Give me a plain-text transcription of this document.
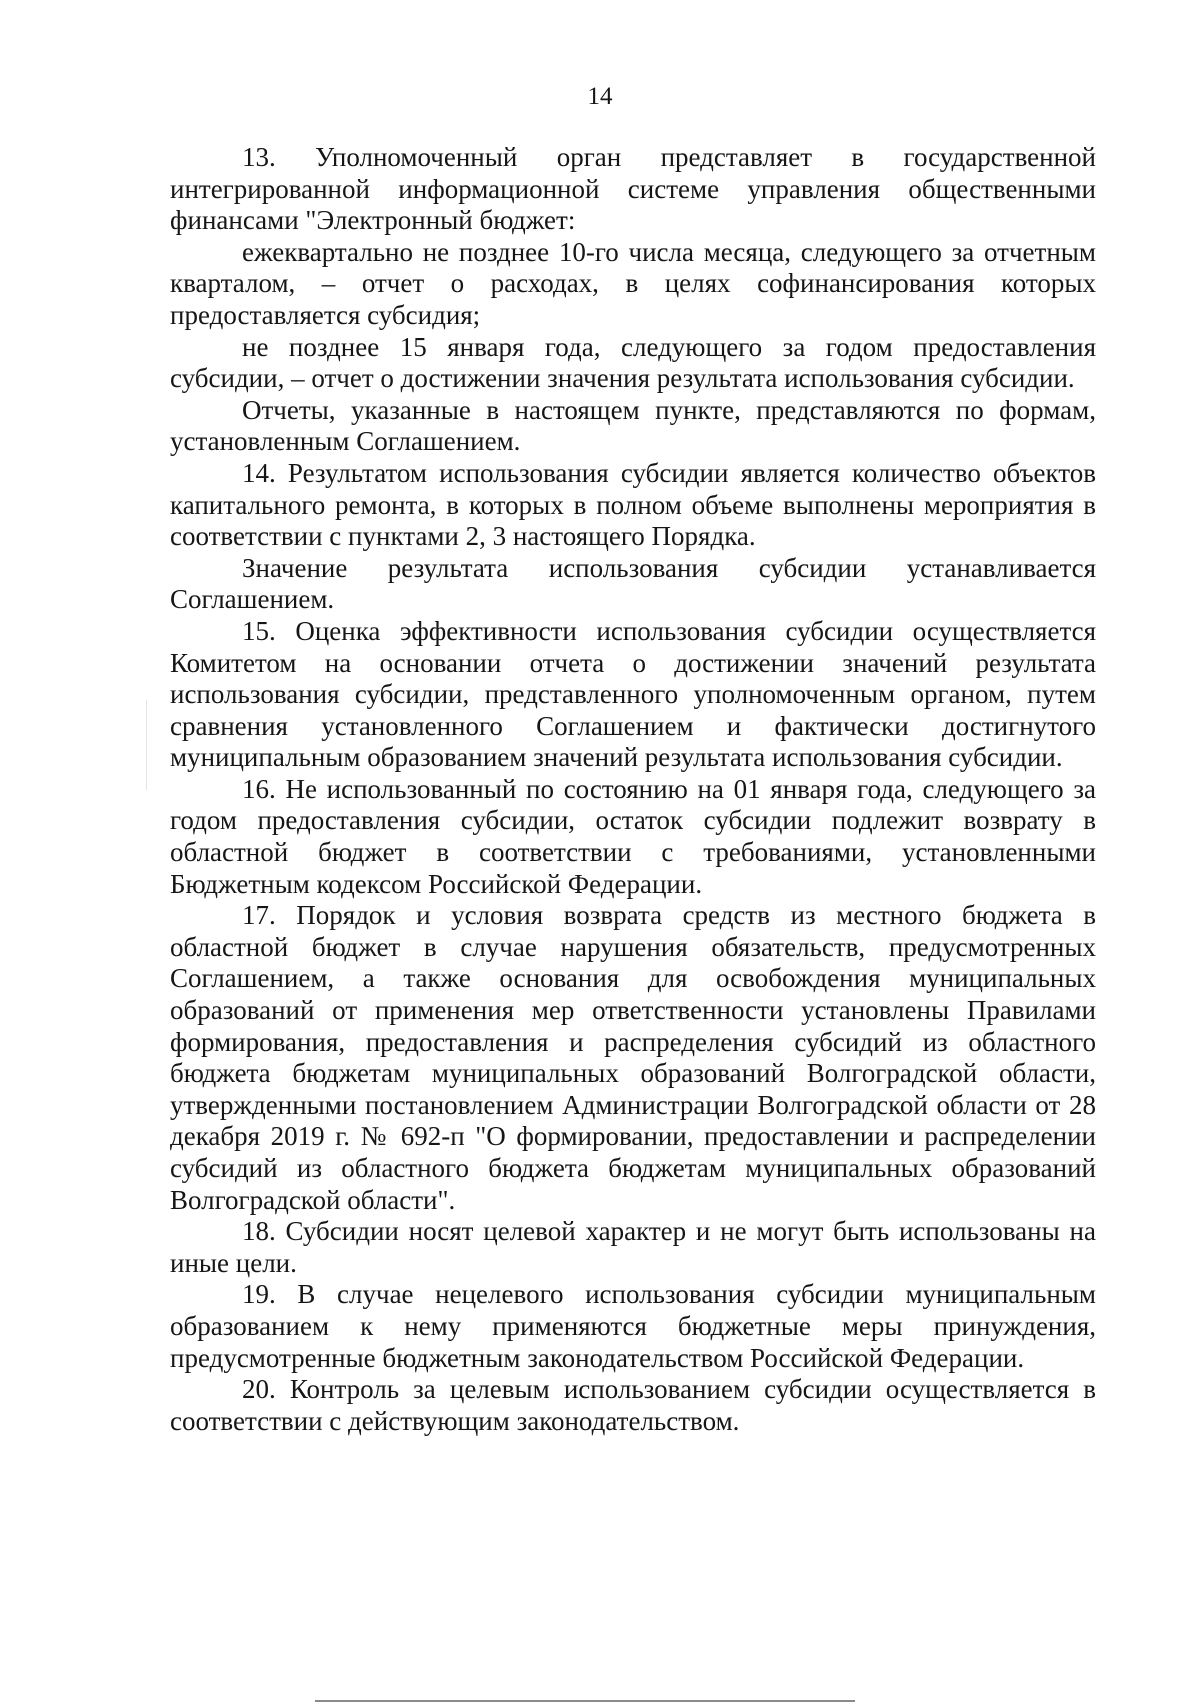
14

13. Уполномоченный орган представляет в государственной интегрированной информационной системе управления общественными финансами "Электронный бюджет:

ежеквартально не позднее 10-го числа месяца, следующего за отчетным кварталом, – отчет о расходах, в целях софинансирования которых предоставляется субсидия;

не позднее 15 января года, следующего за годом предоставления субсидии, – отчет о достижении значения результата использования субсидии.

Отчеты, указанные в настоящем пункте, представляются по формам, установленным Соглашением.

14. Результатом использования субсидии является количество объектов капитального ремонта, в которых в полном объеме выполнены мероприятия в соответствии с пунктами 2, 3 настоящего Порядка.

Значение результата использования субсидии устанавливается Соглашением.

15. Оценка эффективности использования субсидии осуществляется Комитетом на основании отчета о достижении значений результата использования субсидии, представленного уполномоченным органом, путем сравнения установленного Соглашением и фактически достигнутого муниципальным образованием значений результата использования субсидии.

16. Не использованный по состоянию на 01 января года, следующего за годом предоставления субсидии, остаток субсидии подлежит возврату в областной бюджет в соответствии с требованиями, установленными Бюджетным кодексом Российской Федерации.

17. Порядок и условия возврата средств из местного бюджета в областной бюджет в случае нарушения обязательств, предусмотренных Соглашением, а также основания для освобождения муниципальных образований от применения мер ответственности установлены Правилами формирования, предоставления и распределения субсидий из областного бюджета бюджетам муниципальных образований Волгоградской области, утвержденными постановлением Администрации Волгоградской области от 28 декабря 2019 г. № 692-п "О формировании, предоставлении и распределении субсидий из областного бюджета бюджетам муниципальных образований Волгоградской области".

18. Субсидии носят целевой характер и не могут быть использованы на иные цели.

19. В случае нецелевого использования субсидии муниципальным образованием к нему применяются бюджетные меры принуждения, предусмотренные бюджетным законодательством Российской Федерации.

20. Контроль за целевым использованием субсидии осуществляется в соответствии с действующим законодательством.
